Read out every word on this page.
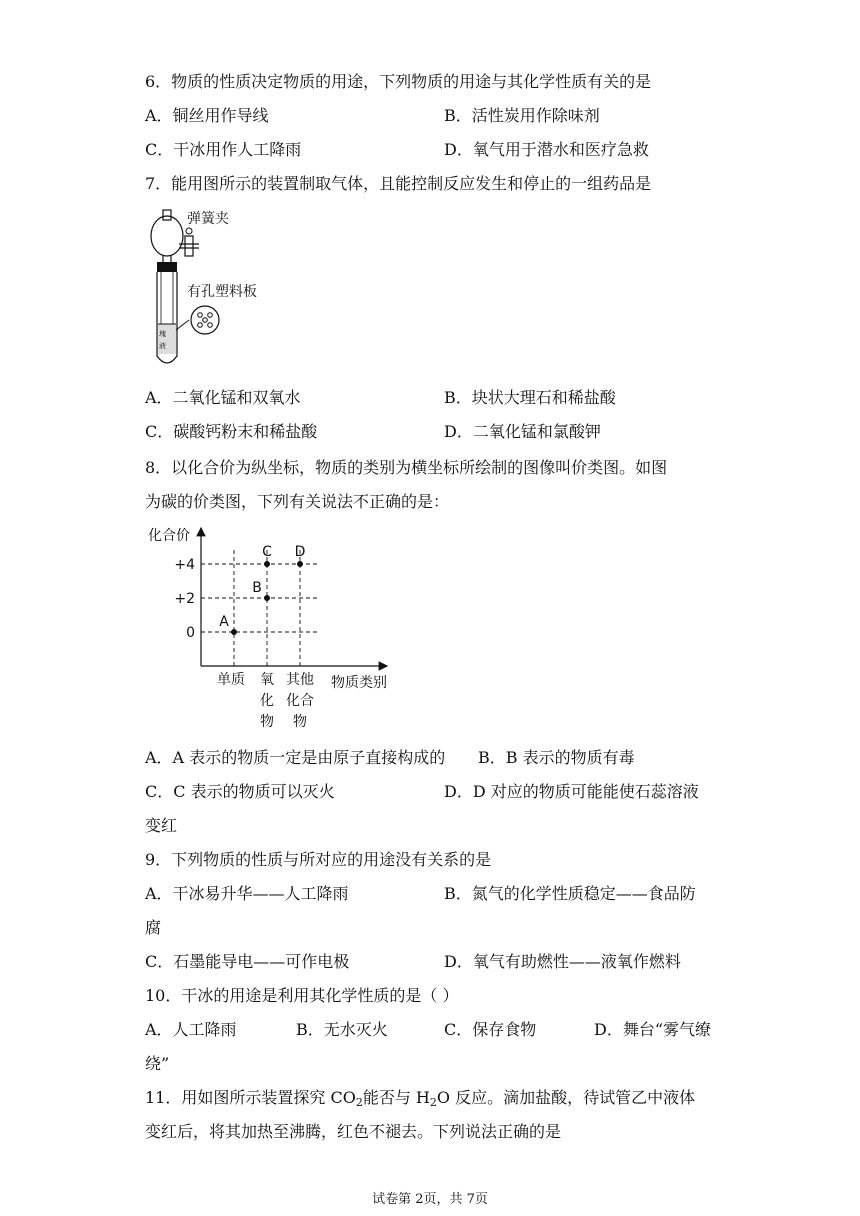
6．物质的性质决定物质的用途，下列物质的用途与其化学性质有关的是
A．铜丝用作导线	B．活性炭用作除味剂
C．干冰用作人工降雨	D．氧气用于潜水和医疗急救
7．能用图所示的装置制取气体，且能控制反应发生和停止的一组药品是
塊
液
弹簧夹
有孔塑料板
A．二氧化锰和双氧水	B．块状大理石和稀盐酸
C．碳酸钙粉末和稀盐酸	D．二氧化锰和氯酸钾
8．以化合价为纵坐标，物质的类别为横坐标所绘制的图像叫价类图。如图
为碳的价类图，下列有关说法不正确的是：
化合价
物质类别
0
+2
+4
A
B
C D
单质 氧
化
物
其他
化合
物
A．A 表示的物质一定是由原子直接构成的 B．B 表示的物质有毒
C．C 表示的物质可以灭火	D．D 对应的物质可能能使石蕊溶液
变红
9．下列物质的性质与所对应的用途没有关系的是
A．干冰易升华——人工降雨	B．氮气的化学性质稳定——食品防
腐
C．石墨能导电——可作电极	D．氧气有助燃性——液氧作燃料
10．干冰的用途是利用其化学性质的是（ ）
A．人工降雨	B．无水灭火	C．保存食物	D．舞台“雾气缭
绕”
11．用如图所示装置探究 $CO_2$能否与 $H_2O$ 反应。滴加盐酸，待试管乙中液体
变红后，将其加热至沸腾，红色不褪去。下列说法正确的是
试卷第 2页，共 7页
